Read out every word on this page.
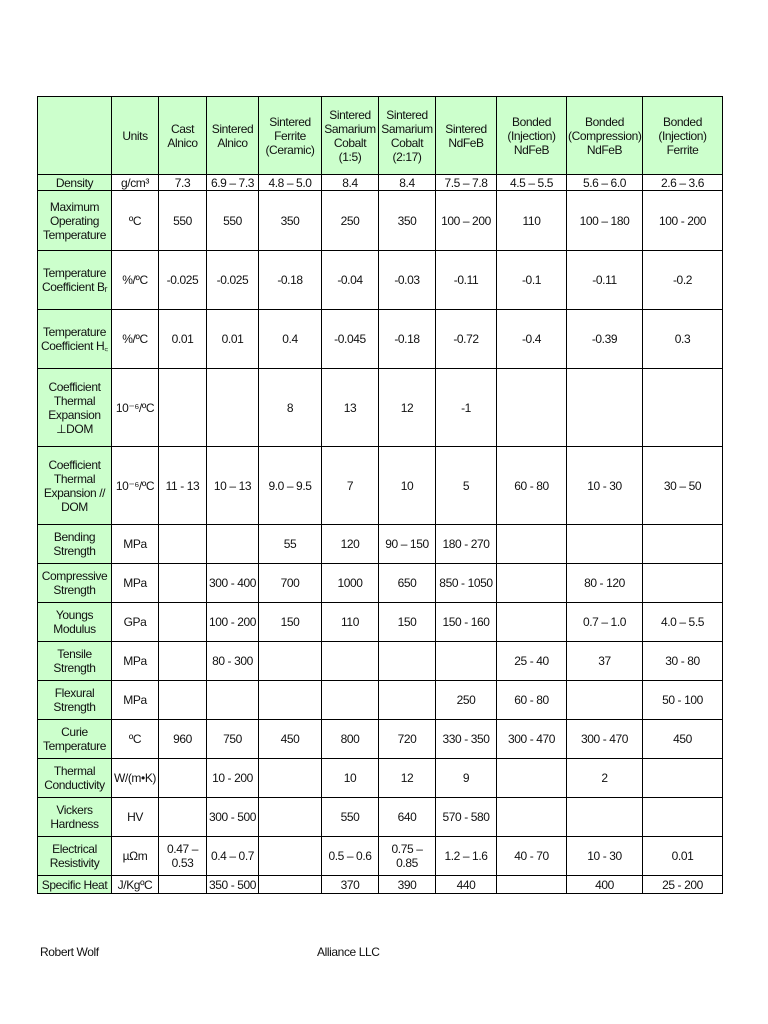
	Units	Cast Alnico	Sintered Alnico	Sintered Ferrite (Ceramic)	Sintered Samarium Cobalt (1:5)	Sintered Samarium Cobalt (2:17)	Sintered NdFeB	Bonded (Injection) NdFeB	Bonded (Compression) NdFeB	Bonded (Injection) Ferrite
Density	g/cm³	7.3	6.9 – 7.3	4.8 – 5.0	8.4	8.4	7.5 – 7.8	4.5 – 5.5	5.6 – 6.0	2.6 – 3.6
Maximum Operating Temperature	ºC	550	550	350	250	350	100 – 200	110	100 – 180	100 - 200
Temperature Coefficient Bᵣ	%/ºC	-0.025	-0.025	-0.18	-0.04	-0.03	-0.11	-0.1	-0.11	-0.2
Temperature Coefficient H꜀	%/ºC	0.01	0.01	0.4	-0.045	-0.18	-0.72	-0.4	-0.39	0.3
Coefficient Thermal Expansion ⊥DOM	10⁻⁶/ºC			8	13	12	-1			
Coefficient Thermal Expansion // DOM	10⁻⁶/ºC	11 - 13	10 – 13	9.0 – 9.5	7	10	5	60 - 80	10 - 30	30 – 50
Bending Strength	MPa			55	120	90 – 150	180 - 270			
Compressive Strength	MPa		300 - 400	700	1000	650	850 - 1050		80 - 120	
Youngs Modulus	GPa		100 - 200	150	110	150	150 - 160		0.7 – 1.0	4.0 – 5.5
Tensile Strength	MPa		80 - 300					25 - 40	37	30 - 80
Flexural Strength	MPa						250	60 - 80		50 - 100
Curie Temperature	ºC	960	750	450	800	720	330 - 350	300 - 470	300 - 470	450
Thermal Conductivity	W/(m•K)		10 - 200		10	12	9		2	
Vickers Hardness	HV		300 - 500		550	640	570 - 580			
Electrical Resistivity	µΩm	0.47 – 0.53	0.4 – 0.7		0.5 – 0.6	0.75 – 0.85	1.2 – 1.6	40 - 70	10 - 30	0.01
Specific Heat	J/KgºC		350 - 500		370	390	440		400	25 - 200
Robert Wolf	Alliance LLC
